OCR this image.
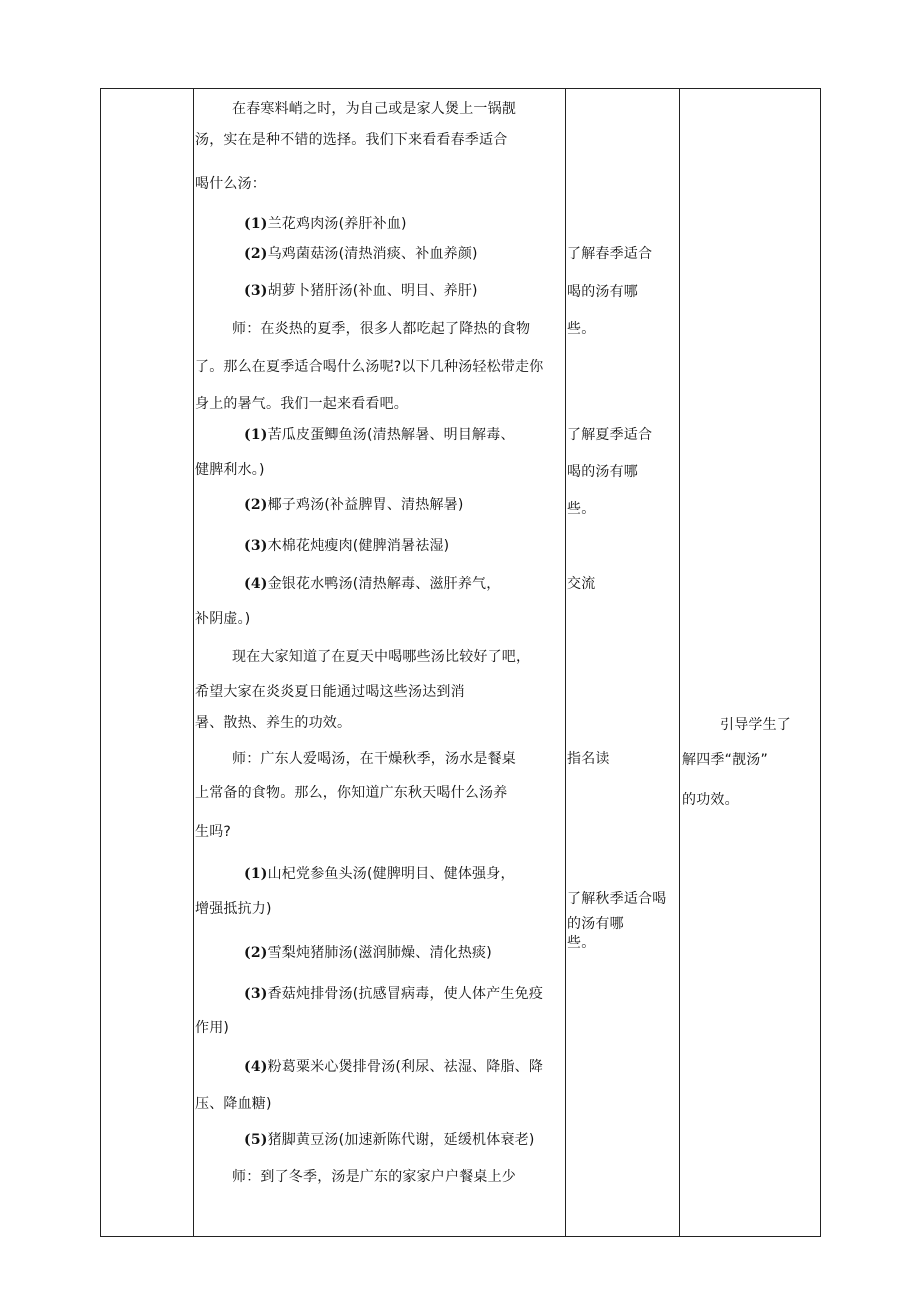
在春寒料峭之时，为自己或是家人煲上一锅靓
汤，实在是种不错的选择。我们下来看看春季适合
喝什么汤：
(1)兰花鸡肉汤(养肝补血)
(2)乌鸡菌菇汤(清热消痰、补血养颜)
(3)胡萝卜猪肝汤(补血、明目、养肝)
师：在炎热的夏季，很多人都吃起了降热的食物
了。那么在夏季适合喝什么汤呢?以下几种汤轻松带走你
身上的暑气。我们一起来看看吧。
(1)苦瓜皮蛋鲫鱼汤(清热解暑、明目解毒、
健脾利水。)
(2)椰子鸡汤(补益脾胃、清热解暑)
(3)木棉花炖瘦肉(健脾消暑祛湿)
(4)金银花水鸭汤(清热解毒、滋肝养气，
补阴虚。)
现在大家知道了在夏天中喝哪些汤比较好了吧，
希望大家在炎炎夏日能通过喝这些汤达到消
暑、散热、养生的功效。
师：广东人爱喝汤，在干燥秋季，汤水是餐桌
上常备的食物。那么，你知道广东秋天喝什么汤养
生吗?
(1)山杞党参鱼头汤(健脾明目、健体强身，
增强抵抗力)
(2)雪梨炖猪肺汤(滋润肺燥、清化热痰)
(3)香菇炖排骨汤(抗感冒病毒，使人体产生免疫
作用)
(4)粉葛粟米心煲排骨汤(利尿、祛湿、降脂、降
压、降血糖)
(5)猪脚黄豆汤(加速新陈代谢，延缓机体衰老)
师：到了冬季，汤是广东的家家户户餐桌上少
了解春季适合
喝的汤有哪
些。
了解夏季适合
喝的汤有哪
些。
交流
指名读
了解秋季适合喝
的汤有哪
些。
引导学生了
解四季“靓汤”
的功效。
